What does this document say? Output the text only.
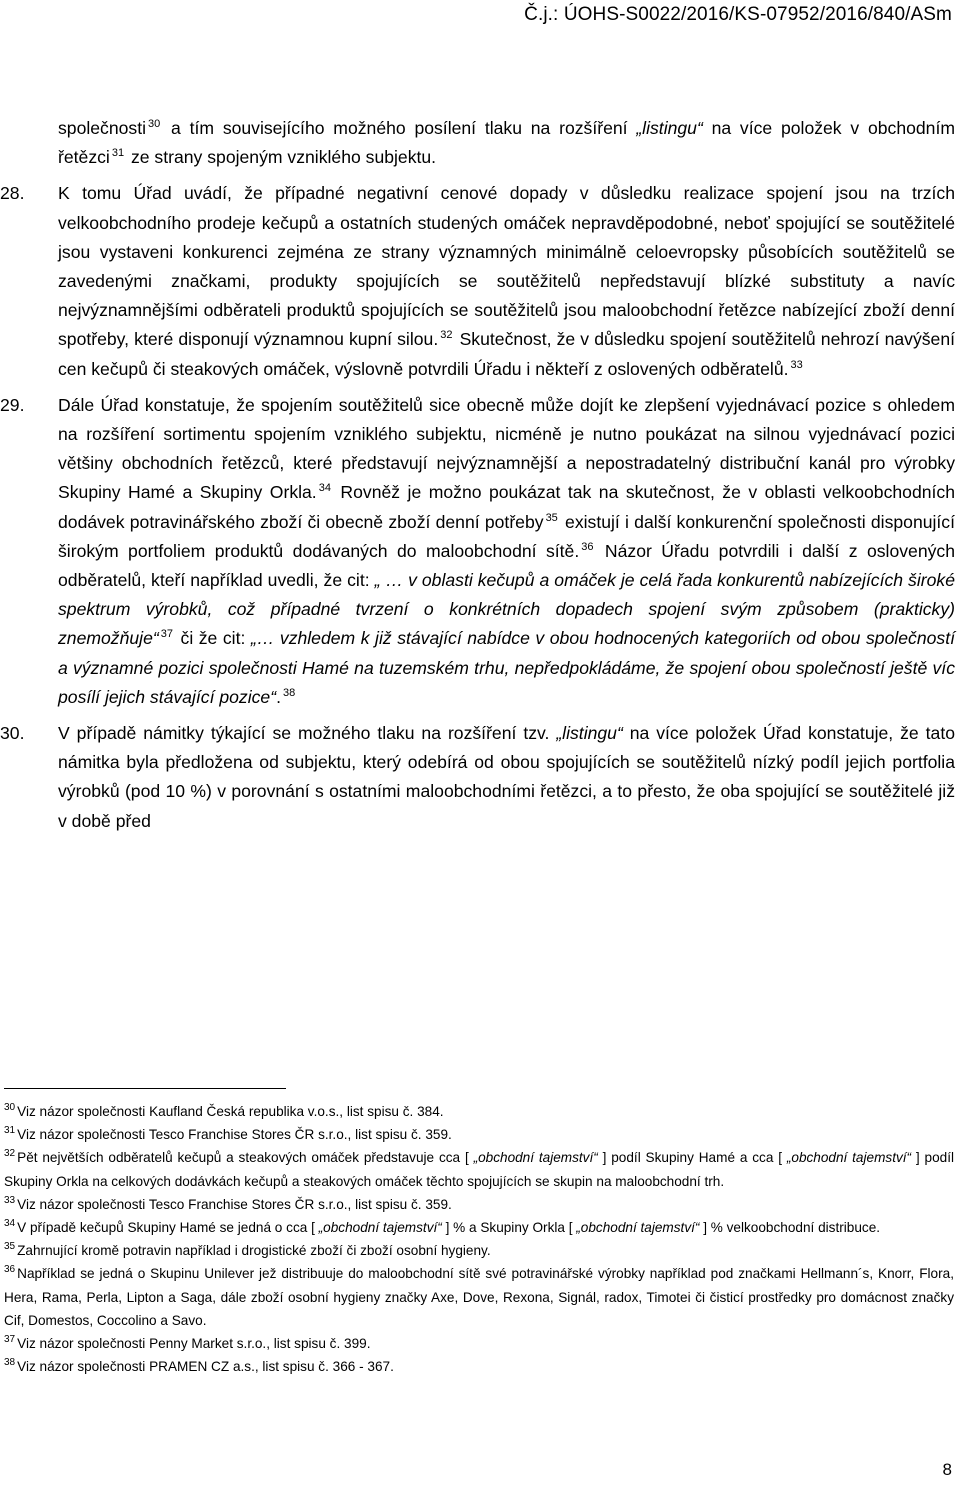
Č.j.: ÚOHS-S0022/2016/KS-07952/2016/840/ASm

společnosti $^{30}$ a tím souvisejícího možného posílení tlaku na rozšíření „listingu“ na více položek v obchodním řetězci $^{31}$ ze strany spojeným vzniklého subjektu.

28. K tomu Úřad uvádí, že případné negativní cenové dopady v důsledku realizace spojení jsou na trzích velkoobchodního prodeje kečupů a ostatních studených omáček nepravděpodobné, neboť spojující se soutěžitelé jsou vystaveni konkurenci zejména ze strany významných minimálně celoevropsky působících soutěžitelů se zavedenými značkami, produkty spojujících se soutěžitelů nepředstavují blízké substituty a navíc nejvýznamnějšími odběrateli produktů spojujících se soutěžitelů jsou maloobchodní řetězce nabízející zboží denní spotřeby, které disponují významnou kupní silou. $^{32}$ Skutečnost, že v důsledku spojení soutěžitelů nehrozí navýšení cen kečupů či steakových omáček, výslovně potvrdili Úřadu i někteří z oslovených odběratelů. $^{33}$

29. Dále Úřad konstatuje, že spojením soutěžitelů sice obecně může dojít ke zlepšení vyjednávací pozice s ohledem na rozšíření sortimentu spojením vzniklého subjektu, nicméně je nutno poukázat na silnou vyjednávací pozici většiny obchodních řetězců, které představují nejvýznamnější a nepostradatelný distribuční kanál pro výrobky Skupiny Hamé a Skupiny Orkla. $^{34}$ Rovněž je možno poukázat tak na skutečnost, že v oblasti velkoobchodních dodávek potravinářského zboží či obecně zboží denní potřeby $^{35}$ existují i další konkurenční společnosti disponující širokým portfoliem produktů dodávaných do maloobchodní sítě. $^{36}$ Názor Úřadu potvrdili i další z oslovených odběratelů, kteří například uvedli, že cit: „ … v oblasti kečupů a omáček je celá řada konkurentů nabízejících široké spektrum výrobků, což případné tvrzení o konkrétních dopadech spojení svým způsobem (prakticky) znemožňuje“ $^{37}$ či že cit: „… vzhledem k již stávající nabídce v obou hodnocených kategoriích od obou společností a významné pozici společnosti Hamé na tuzemském trhu, nepředpokládáme, že spojení obou společností ještě víc posílí jejich stávající pozice“. $^{38}$

30. V případě námitky týkající se možného tlaku na rozšíření tzv. „listingu“ na více položek Úřad konstatuje, že tato námitka byla předložena od subjektu, který odebírá od obou spojujících se soutěžitelů nízký podíl jejich portfolia výrobků (pod 10 %) v porovnání s ostatními maloobchodními řetězci, a to přesto, že oba spojující se soutěžitelé již v době před

$^{30}$ Viz názor společnosti Kaufland Česká republika v.o.s., list spisu č. 384.

$^{31}$ Viz názor společnosti Tesco Franchise Stores ČR s.r.o., list spisu č. 359.

$^{32}$ Pět největších odběratelů kečupů a steakových omáček představuje cca [ „obchodní tajemství“ ] podíl Skupiny Hamé a cca [ „obchodní tajemství“ ] podíl Skupiny Orkla na celkových dodávkách kečupů a steakových omáček těchto spojujících se skupin na maloobchodní trh.

$^{33}$ Viz názor společnosti Tesco Franchise Stores ČR s.r.o., list spisu č. 359.

$^{34}$ V případě kečupů Skupiny Hamé se jedná o cca [ „obchodní tajemství“ ] % a Skupiny Orkla [ „obchodní tajemství“ ] % velkoobchodní distribuce.

$^{35}$ Zahrnující kromě potravin například i drogistické zboží či zboží osobní hygieny.

$^{36}$ Například se jedná o Skupinu Unilever jež distribuuje do maloobchodní sítě své potravinářské výrobky například pod značkami Hellmann´s, Knorr, Flora, Hera, Rama, Perla, Lipton a Saga, dále zboží osobní hygieny značky Axe, Dove, Rexona, Signál, radox, Timotei či čisticí prostředky pro domácnost značky Cif, Domestos, Coccolino a Savo.

$^{37}$ Viz názor společnosti Penny Market s.r.o., list spisu č. 399.

$^{38}$ Viz názor společnosti PRAMEN CZ a.s., list spisu č. 366 - 367.

8
